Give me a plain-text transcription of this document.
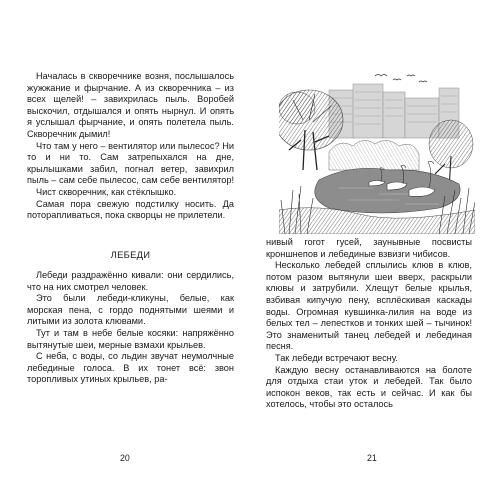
Началась в скворечнике возня, послышалось жужжание и фырчание. А из скворечника – из всех щелей! – завихрилась пыль. Воробей выскочил, отдышался и опять нырнул. И опять я услышал фырчание, и опять полетела пыль. Скворечник дымил!

Что там у него – вентилятор или пылесос? Ни то и ни то. Сам затрепыхался на дне, крылышками забил, погнал ветер, завихрил пыль – сам себе пылесос, сам себе вентилятор!

Чист скворечник, как стёклышко.

Самая пора свежую подстилку носить. Да поторапливаться, пока скворцы не прилетели.

ЛЕБЕДИ

Лебеди раздражённо кивали: они сердились, что на них смотрел человек.

Это были лебеди-кликуны, белые, как морская пена, с гордо поднятыми шеями и литыми из золота клювами.

Тут и там в небе белые косяки: напряжённо вытянутые шеи, мерные взмахи крыльев.

С неба, с воды, со льдин звучат неумолчные лебединые голоса. В их тонет всё: звон торопливых утиных крыльев, ра-

20

нивый гогот гусей, заунывные посвисты кроншнепов и лебединые взвизги чибисов.

Несколько лебедей сплылись клюв в клюв, потом разом вытянули шеи вверх, раскрыли клювы и затрубили. Хлещут белые крылья, взбивая кипучую пену, всплёскивая каскады воды. Огромная кувшинка-лилия на воде из белых тел – лепестков и тонких шей – тычинок! Это знаменитый танец лебедей и лебединая песня.

Так лебеди встречают весну.

Каждую весну останавливаются на болоте для отдыха стаи уток и лебедей. Так было испокон веков, так есть и сейчас. И как бы хотелось, чтобы это осталось

21
